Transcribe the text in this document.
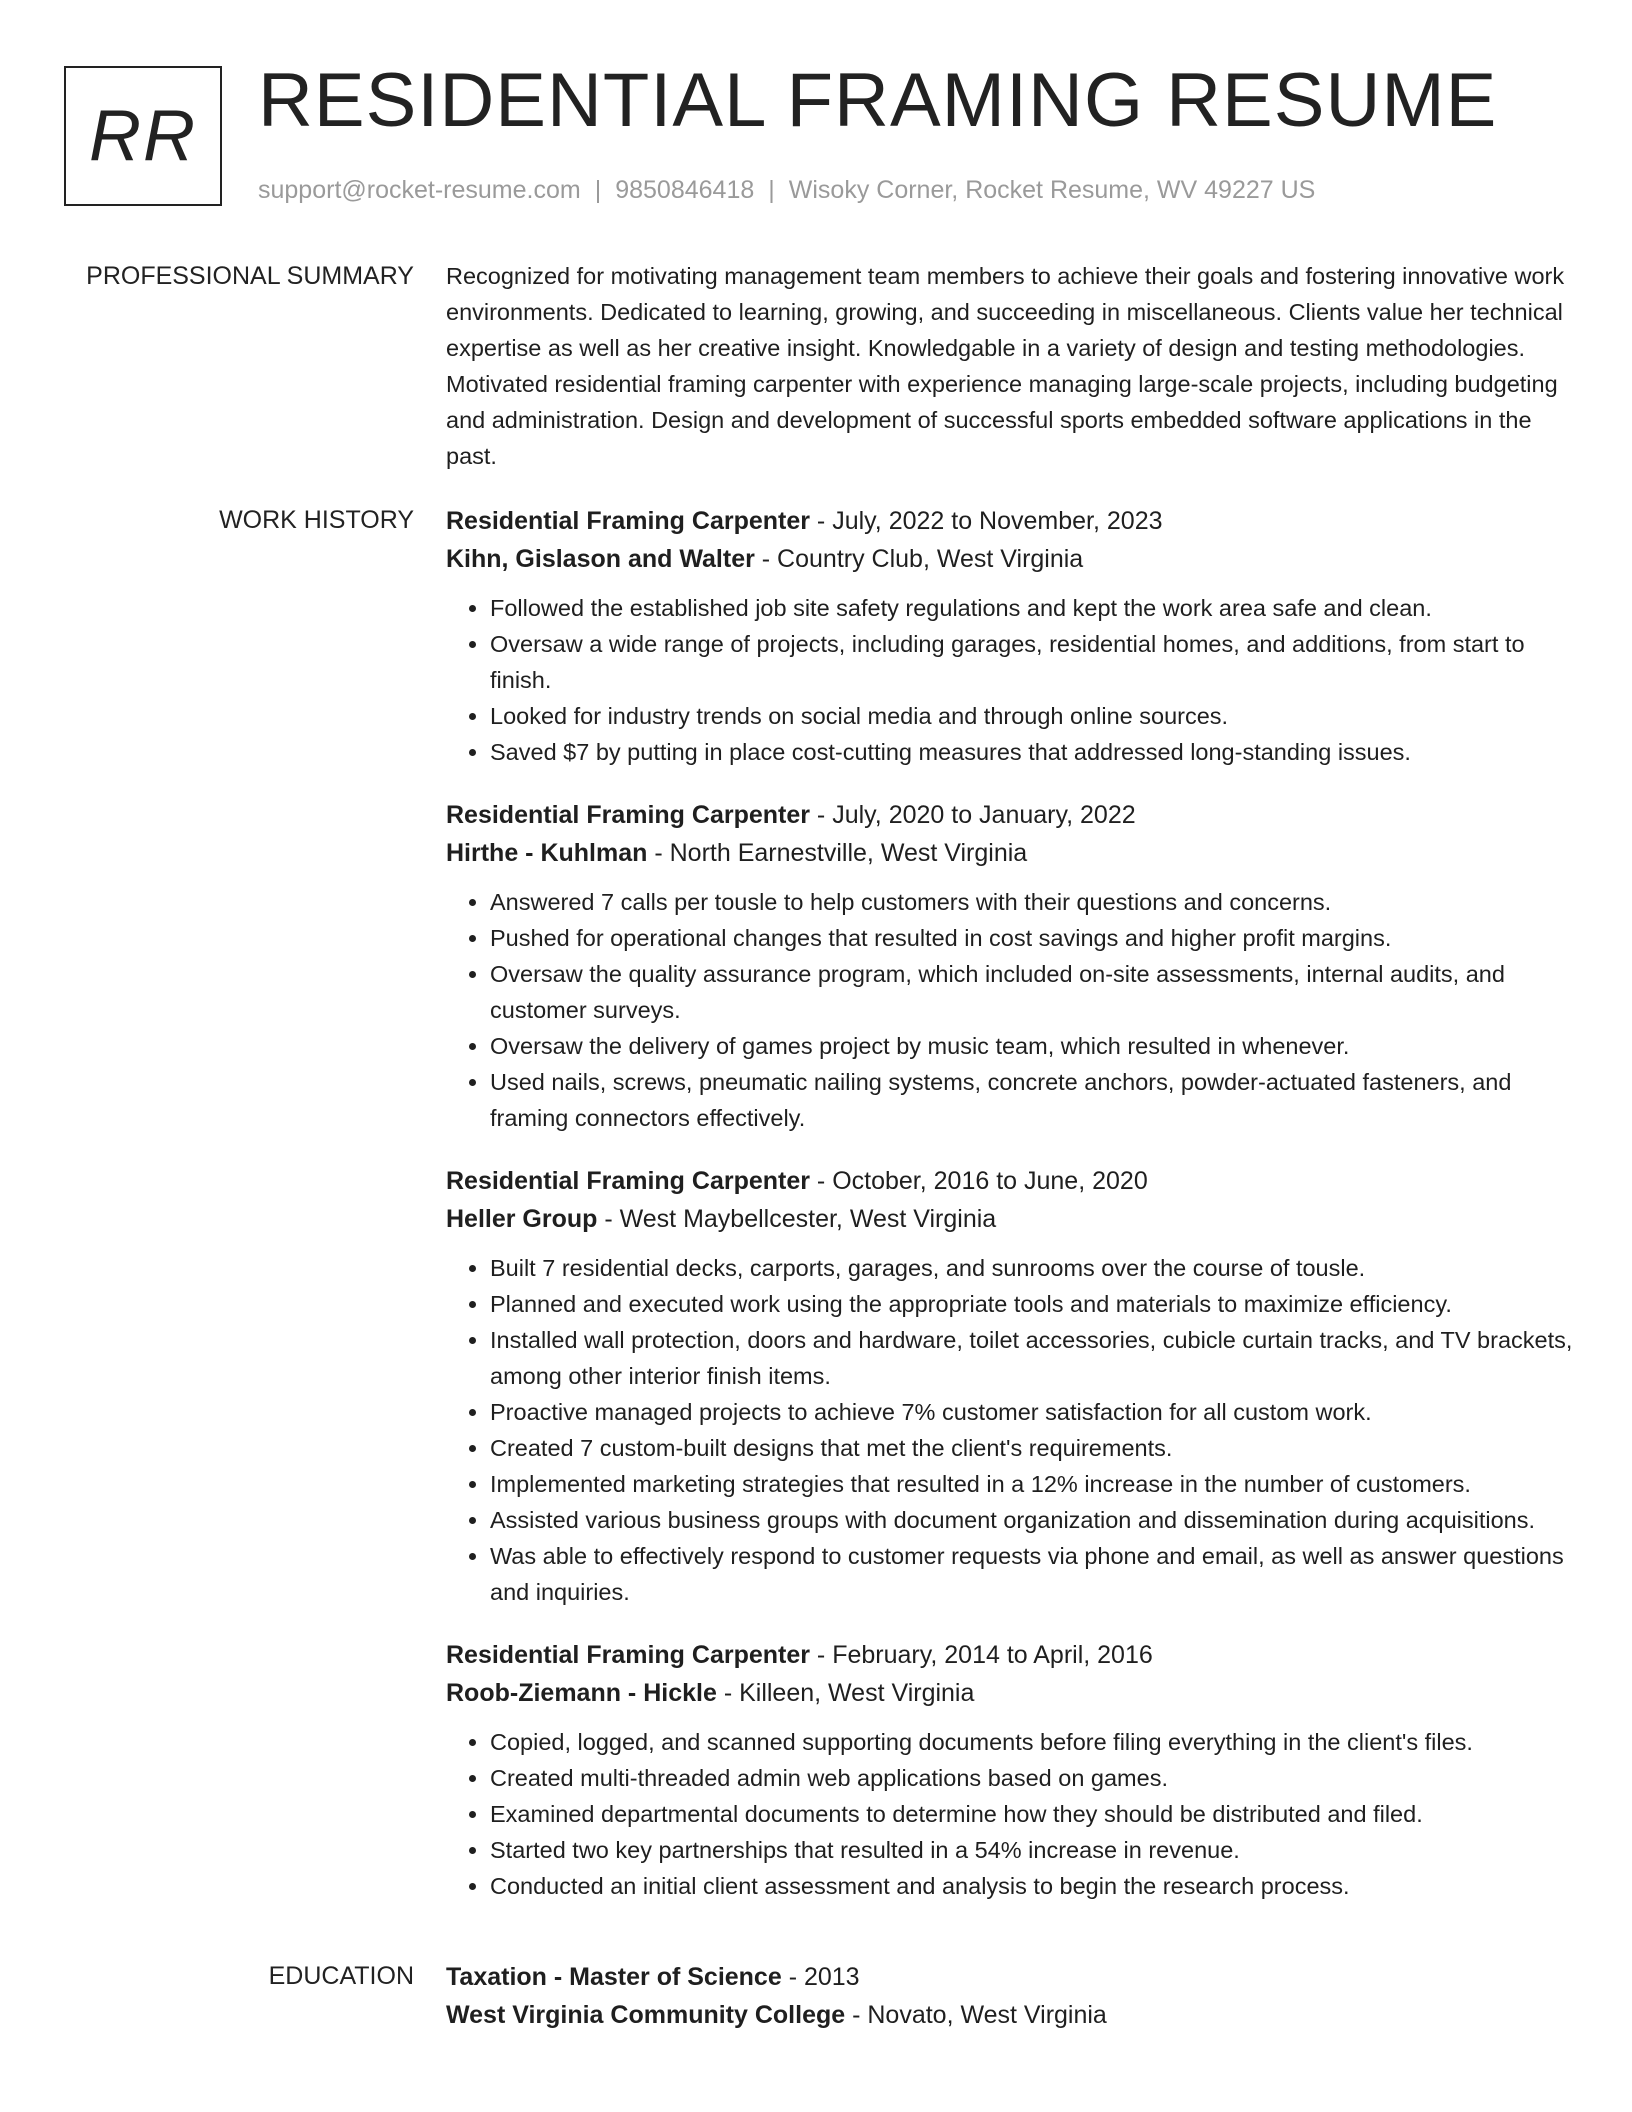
RR RESIDENTIAL FRAMING RESUME
support@rocket-resume.com | 9850846418 | Wisoky Corner, Rocket Resume, WV 49227 US
PROFESSIONAL SUMMARY Recognized for motivating management team members to achieve their goals and fostering innovative work environments. Dedicated to learning, growing, and succeeding in miscellaneous. Clients value her technical expertise as well as her creative insight. Knowledgable in a variety of design and testing methodologies. Motivated residential framing carpenter with experience managing large-scale projects, including budgeting and administration. Design and development of successful sports embedded software applications in the past.

WORK HISTORY Residential Framing Carpenter - July, 2022 to November, 2023
Kihn, Gislason and Walter - Country Club, West Virginia
• Followed the established job site safety regulations and kept the work area safe and clean.
• Oversaw a wide range of projects, including garages, residential homes, and additions, from start to finish.
• Looked for industry trends on social media and through online sources.
• Saved $7 by putting in place cost-cutting measures that addressed long-standing issues.
Residential Framing Carpenter - July, 2020 to January, 2022
Hirthe - Kuhlman - North Earnestville, West Virginia
• Answered 7 calls per tousle to help customers with their questions and concerns.
• Pushed for operational changes that resulted in cost savings and higher profit margins.
• Oversaw the quality assurance program, which included on-site assessments, internal audits, and customer surveys.
• Oversaw the delivery of games project by music team, which resulted in whenever.
• Used nails, screws, pneumatic nailing systems, concrete anchors, powder-actuated fasteners, and framing connectors effectively.
Residential Framing Carpenter - October, 2016 to June, 2020
Heller Group - West Maybellcester, West Virginia
• Built 7 residential decks, carports, garages, and sunrooms over the course of tousle.
• Planned and executed work using the appropriate tools and materials to maximize efficiency.
• Installed wall protection, doors and hardware, toilet accessories, cubicle curtain tracks, and TV brackets, among other interior finish items.
• Proactive managed projects to achieve 7% customer satisfaction for all custom work.
• Created 7 custom-built designs that met the client's requirements.
• Implemented marketing strategies that resulted in a 12% increase in the number of customers.
• Assisted various business groups with document organization and dissemination during acquisitions.
• Was able to effectively respond to customer requests via phone and email, as well as answer questions and inquiries.
Residential Framing Carpenter - February, 2014 to April, 2016
Roob-Ziemann - Hickle - Killeen, West Virginia
• Copied, logged, and scanned supporting documents before filing everything in the client's files.
• Created multi-threaded admin web applications based on games.
• Examined departmental documents to determine how they should be distributed and filed.
• Started two key partnerships that resulted in a 54% increase in revenue.
• Conducted an initial client assessment and analysis to begin the research process.
EDUCATION Taxation - Master of Science - 2013
West Virginia Community College - Novato, West Virginia
